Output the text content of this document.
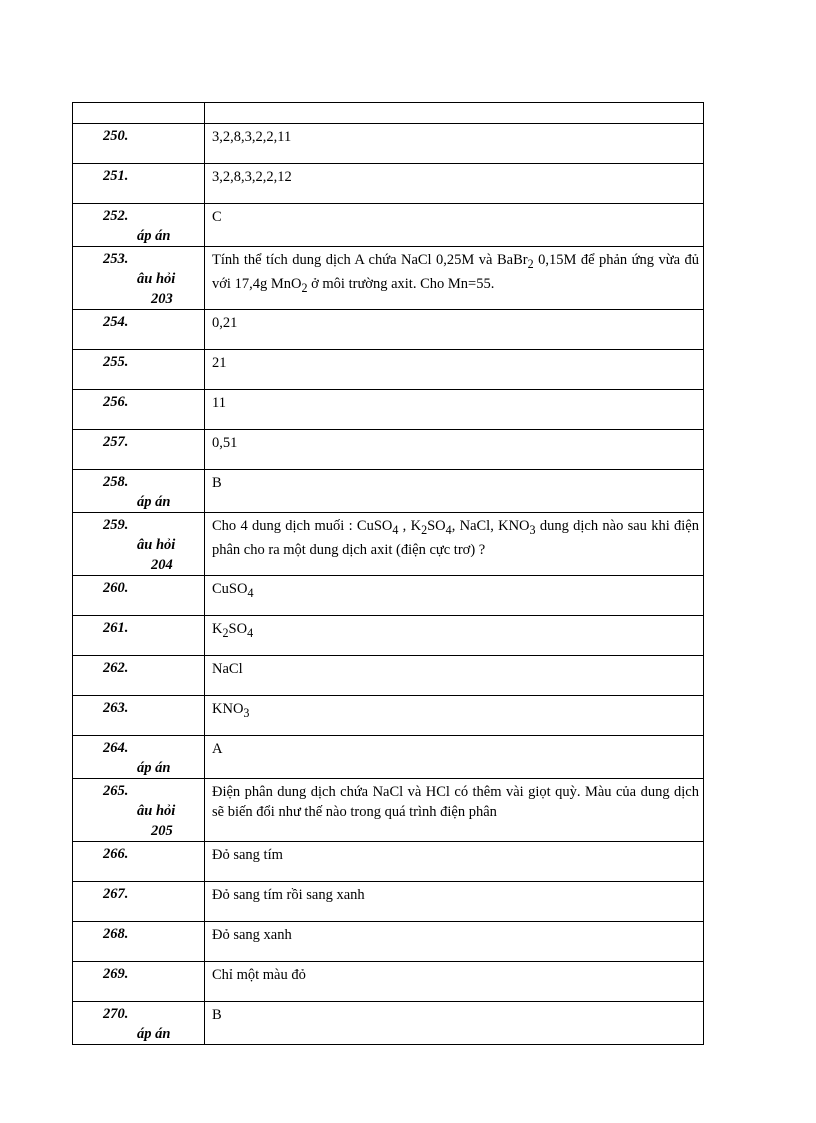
250.	3,2,8,3,2,2,11

251.	3,2,8,3,2,2,12

252.
áp án	C

253.
âu hỏi
203	Tính thể tích dung dịch A chứa NaCl 0,25M và BaBr$_2$ 0,15M để phản ứng vừa đủ với 17,4g MnO$_2$ ở môi trường axit. Cho Mn=55.

254.	0,21

255.	21

256.	11

257.	0,51

258.
áp án	B

259.
âu hỏi
204	Cho 4 dung dịch muối : CuSO$_4$ , $K_2SO_4$, NaCl, $KNO_3$ dung dịch nào sau khi điện phân cho ra một dung dịch axit (điện cực trơ) ?

260.	CuSO$_4$

261.	$K_2SO_4$

262.	NaCl

263.	$KNO_3$

264.
áp án	A

265.
âu hỏi
205	Điện phân dung dịch chứa NaCl và HCl có thêm vài giọt quỳ. Màu của dung dịch sẽ biến đổi như thế nào trong quá trình điện phân

266.	Đỏ sang tím

267.	Đỏ sang tím rồi sang xanh

268.	Đỏ sang xanh

269.	Chỉ một màu đỏ

270.
áp án	B
